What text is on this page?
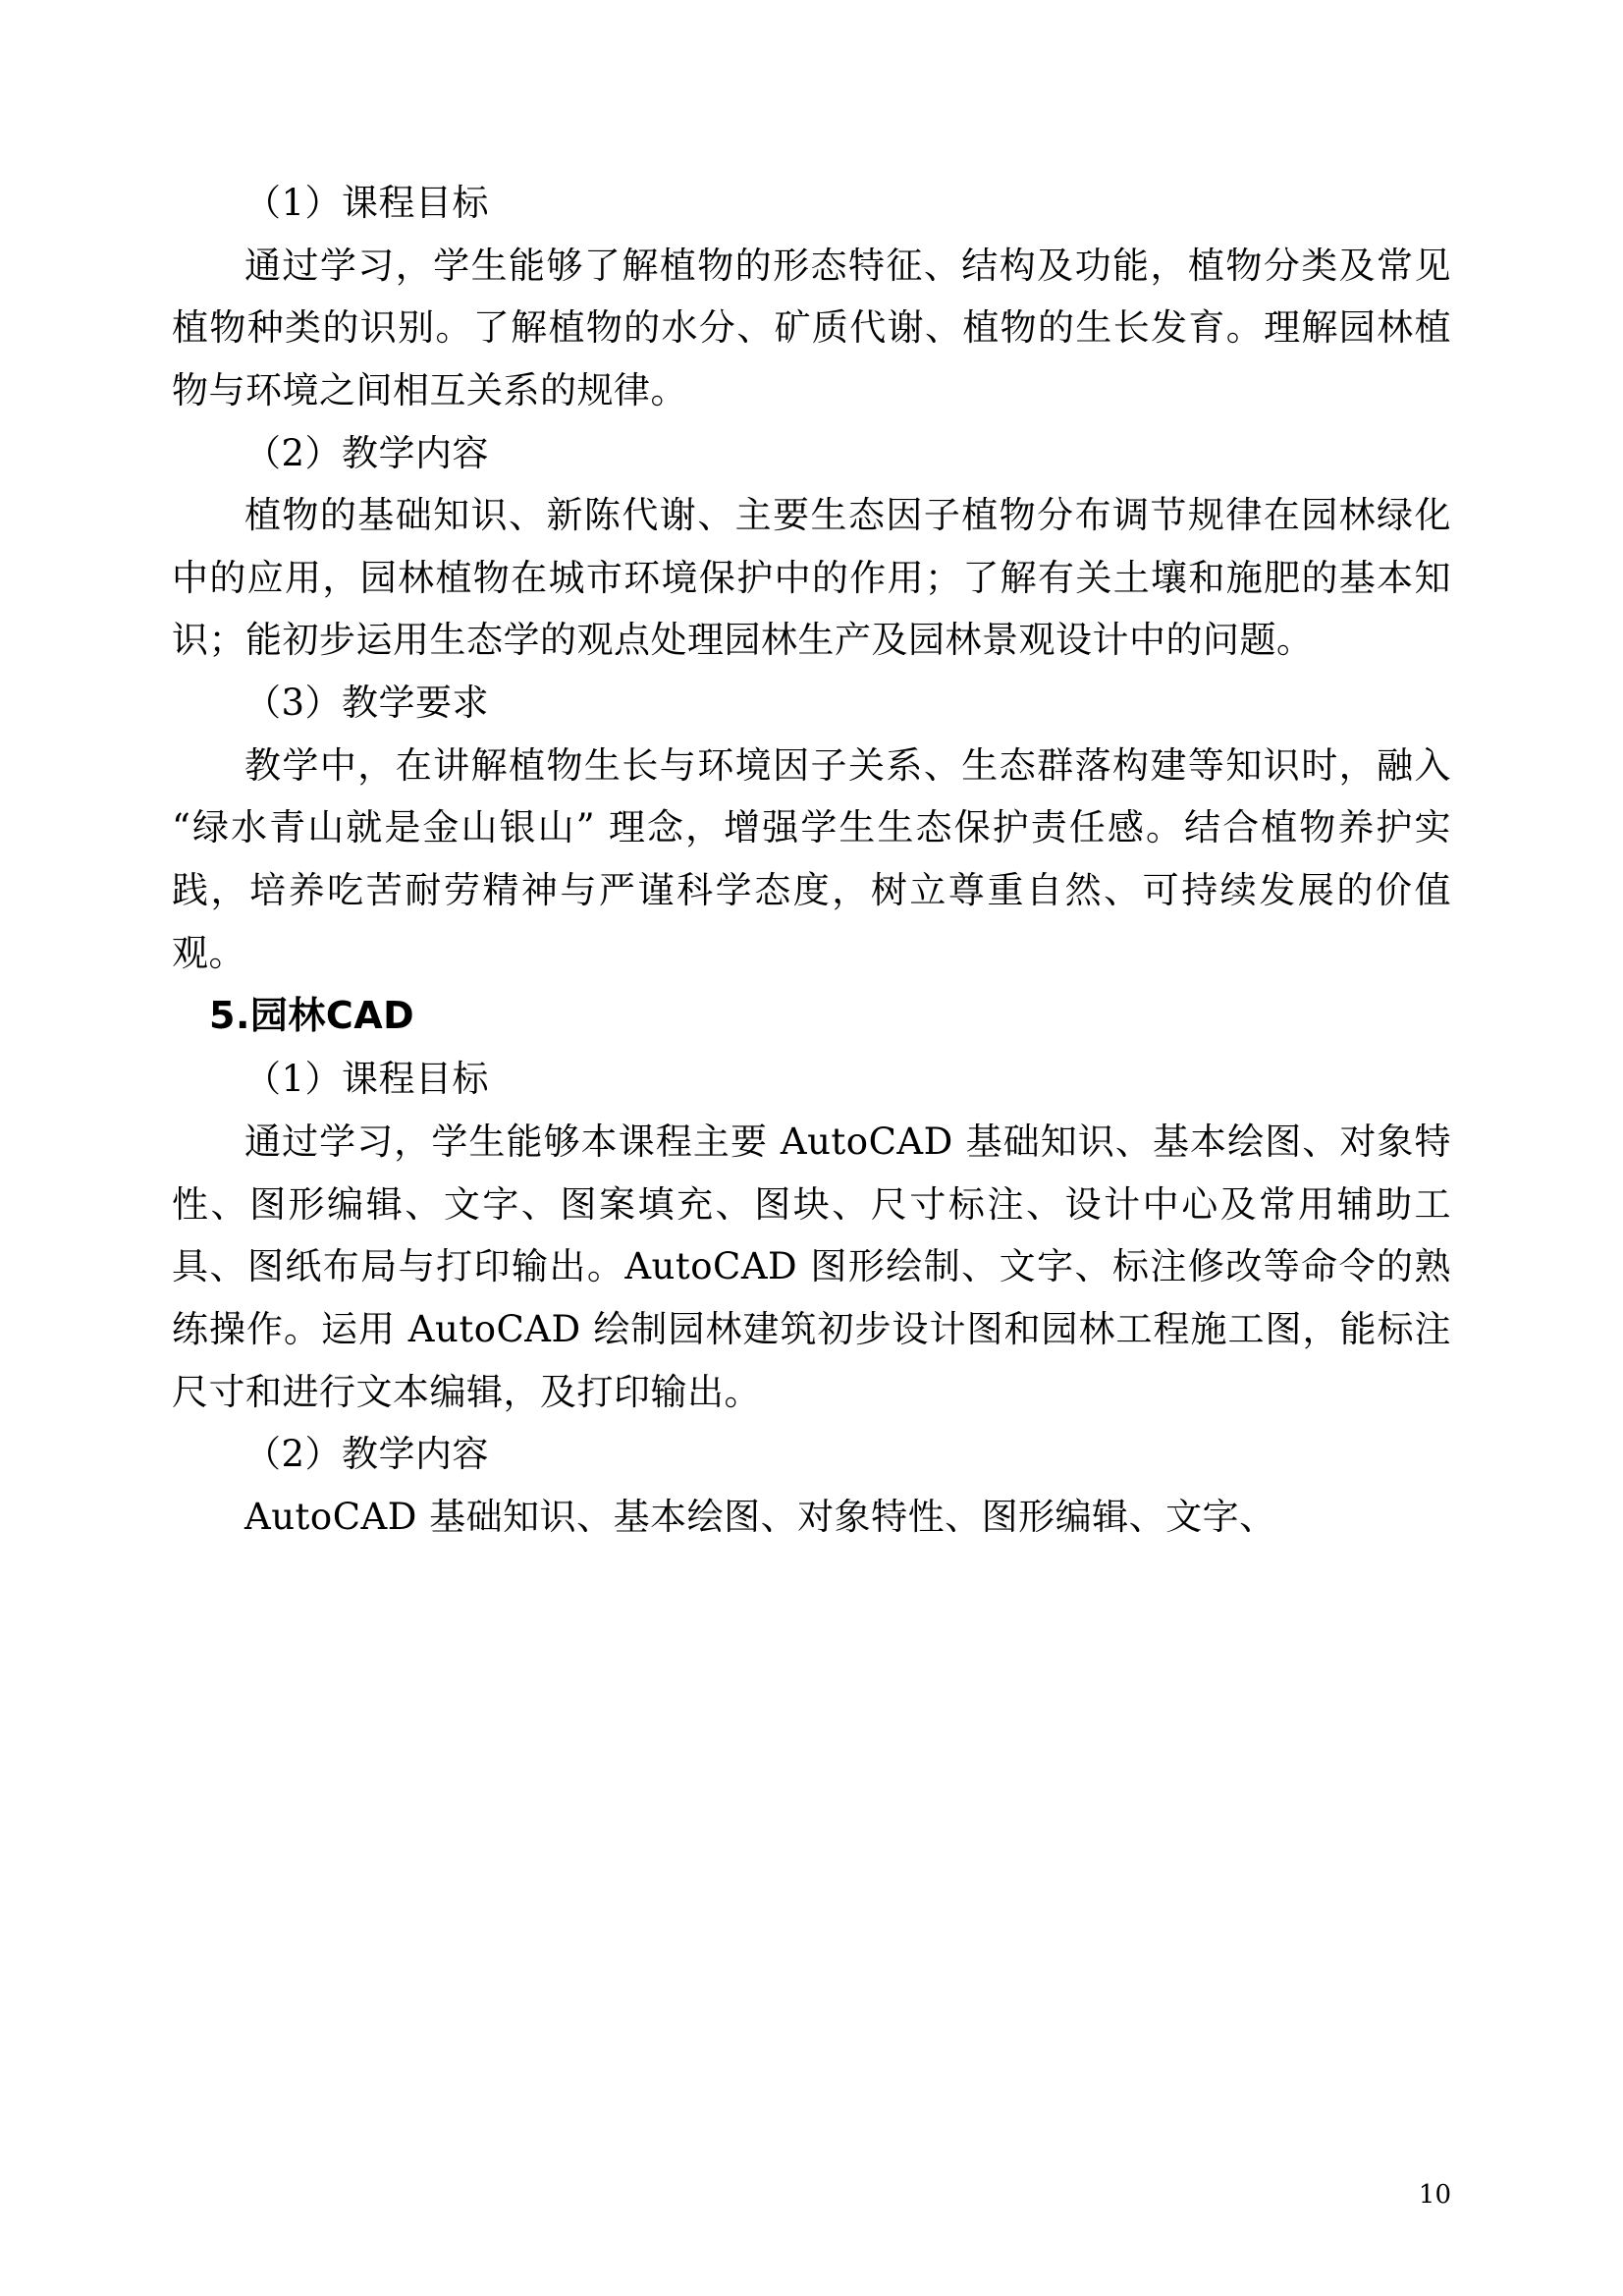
（1）课程目标

通过学习，学生能够了解植物的形态特征、结构及功能，植物分类及常见植物种类的识别。了解植物的水分、矿质代谢、植物的生长发育。理解园林植物与环境之间相互关系的规律。

（2）教学内容

植物的基础知识、新陈代谢、主要生态因子植物分布调节规律在园林绿化中的应用，园林植物在城市环境保护中的作用；了解有关土壤和施肥的基本知识；能初步运用生态学的观点处理园林生产及园林景观设计中的问题。

（3）教学要求

教学中，在讲解植物生长与环境因子关系、生态群落构建等知识时，融入 “绿水青山就是金山银山” 理念，增强学生生态保护责任感。结合植物养护实践，培养吃苦耐劳精神与严谨科学态度，树立尊重自然、可持续发展的价值观。

5.园林CAD

（1）课程目标

通过学习，学生能够本课程主要 AutoCAD 基础知识、基本绘图、对象特性、图形编辑、文字、图案填充、图块、尺寸标注、设计中心及常用辅助工具、图纸布局与打印输出。AutoCAD 图形绘制、文字、标注修改等命令的熟练操作。运用 AutoCAD 绘制园林建筑初步设计图和园林工程施工图，能标注尺寸和进行文本编辑，及打印输出。

（2）教学内容

AutoCAD 基础知识、基本绘图、对象特性、图形编辑、文字、

10
